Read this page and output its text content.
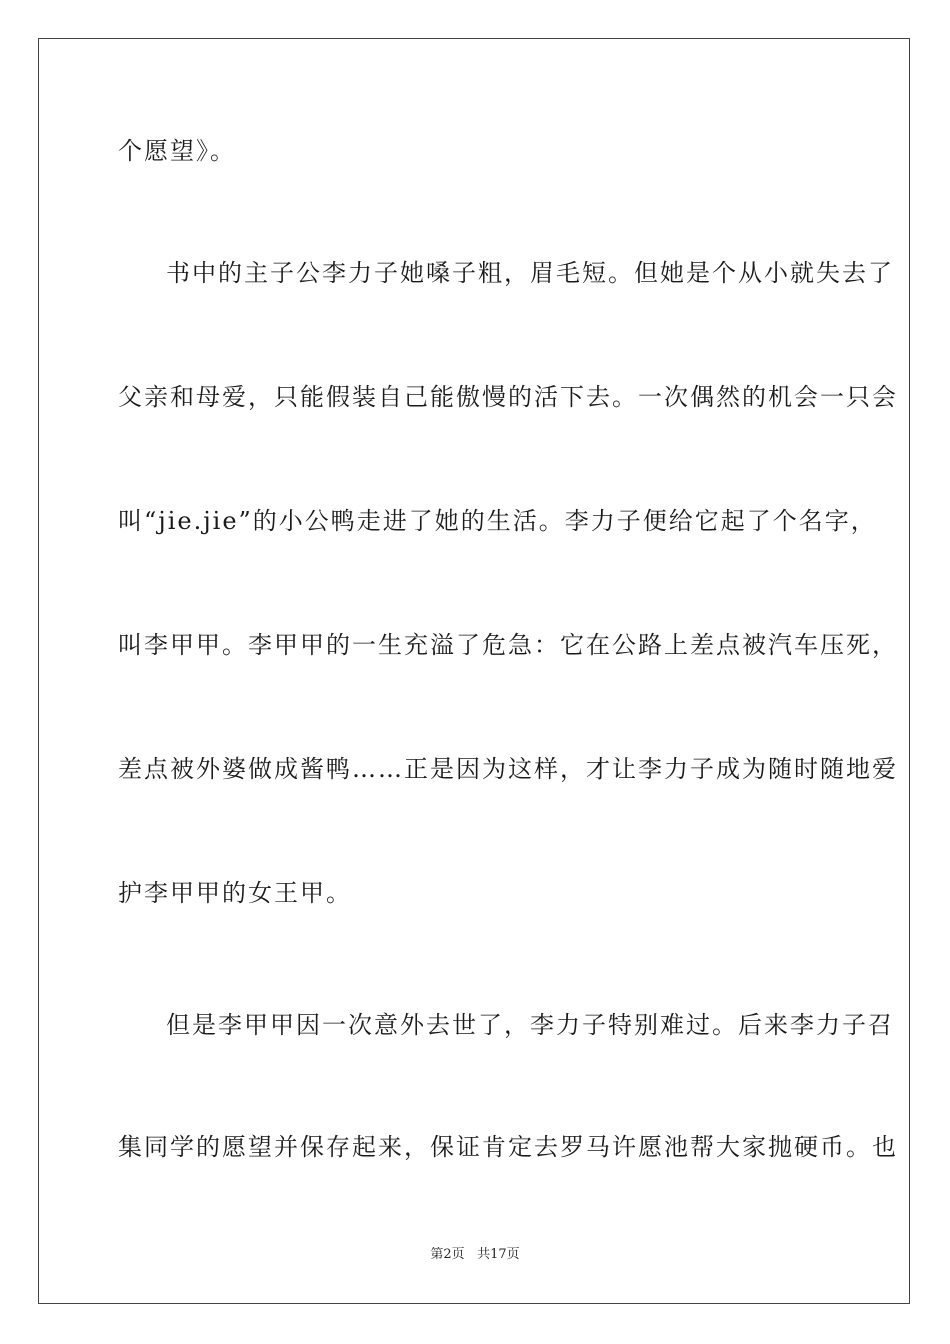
个愿望》。
书中的主子公李力子她嗓子粗，眉毛短。但她是个从小就失去了
父亲和母爱，只能假装自己能傲慢的活下去。一次偶然的机会一只会
叫“jie.jie”的小公鸭走进了她的生活。李力子便给它起了个名字，
叫李甲甲。李甲甲的一生充溢了危急：它在公路上差点被汽车压死，
差点被外婆做成酱鸭……正是因为这样，才让李力子成为随时随地爱
护李甲甲的女王甲。
但是李甲甲因一次意外去世了，李力子特别难过。后来李力子召
集同学的愿望并保存起来，保证肯定去罗马许愿池帮大家抛硬币。也
第2页 共17页
